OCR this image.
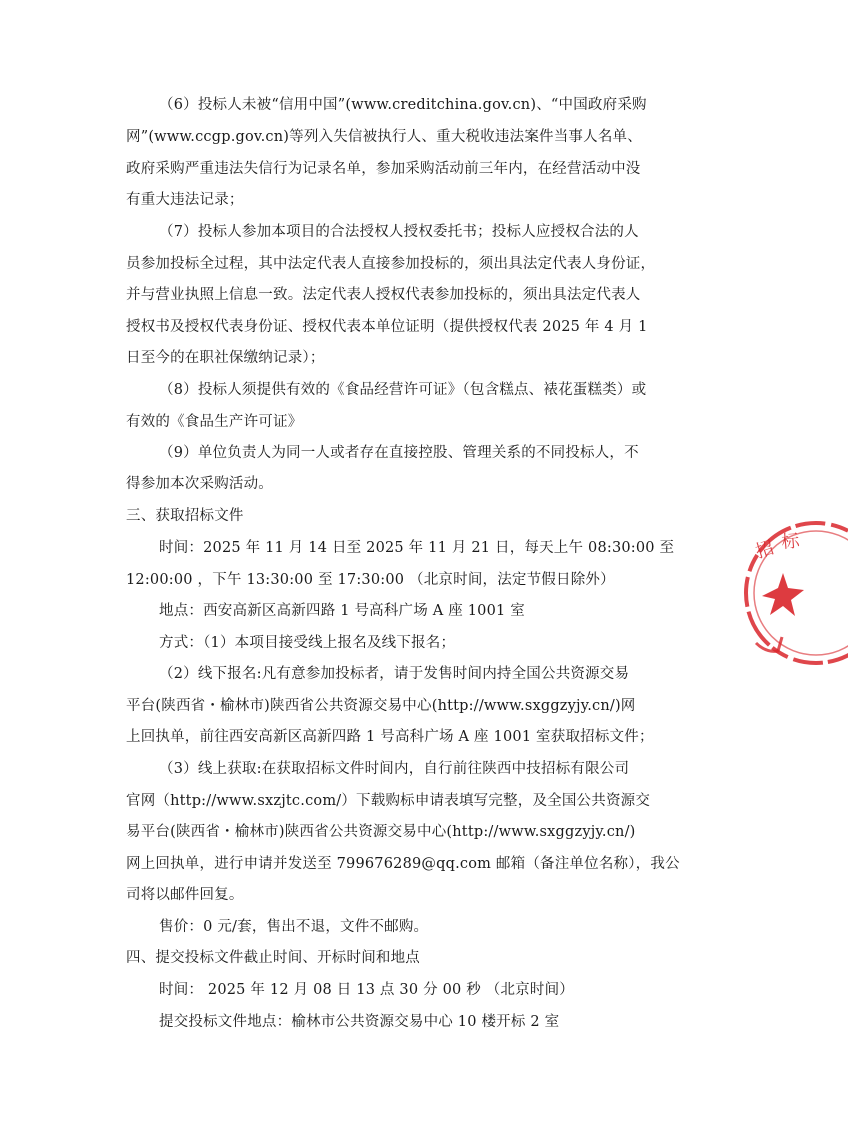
（6）投标人未被“信用中国”(www.creditchina.gov.cn)、“中国政府采购
网”(www.ccgp.gov.cn)等列入失信被执行人、重大税收违法案件当事人名单、
政府采购严重违法失信行为记录名单，参加采购活动前三年内，在经营活动中没
有重大违法记录；
（7）投标人参加本项目的合法授权人授权委托书；投标人应授权合法的人
员参加投标全过程，其中法定代表人直接参加投标的，须出具法定代表人身份证，
并与营业执照上信息一致。法定代表人授权代表参加投标的，须出具法定代表人
授权书及授权代表身份证、授权代表本单位证明（提供授权代表 2025 年 4 月 1
日至今的在职社保缴纳记录）；
（8）投标人须提供有效的《食品经营许可证》（包含糕点、裱花蛋糕类）或
有效的《食品生产许可证》
（9）单位负责人为同一人或者存在直接控股、管理关系的不同投标人，不
得参加本次采购活动。
三、获取招标文件
时间：2025 年 11 月 14 日至 2025 年 11 月 21 日，每天上午 08:30:00 至
12:00:00 ，下午 13:30:00 至 17:30:00 （北京时间，法定节假日除外）
地点：西安高新区高新四路 1 号高科广场 A 座 1001 室
方式：（1）本项目接受线上报名及线下报名；
（2）线下报名:凡有意参加投标者，请于发售时间内持全国公共资源交易
平台(陕西省・榆林市)陕西省公共资源交易中心(http://www.sxggzyjy.cn/)网
上回执单，前往西安高新区高新四路 1 号高科广场 A 座 1001 室获取招标文件；
（3）线上获取:在获取招标文件时间内，自行前往陕西中技招标有限公司
官网（http://www.sxzjtc.com/）下载购标申请表填写完整，及全国公共资源交
易平台(陕西省・榆林市)陕西省公共资源交易中心(http://www.sxggzyjy.cn/)
网上回执单，进行申请并发送至 799676289@qq.com 邮箱（备注单位名称），我公
司将以邮件回复。
售价：0 元/套，售出不退，文件不邮购。
四、提交投标文件截止时间、开标时间和地点
时间： 2025 年 12 月 08 日 13 点 30 分 00 秒 （北京时间）
提交投标文件地点：榆林市公共资源交易中心 10 楼开标 2 室
招 标
